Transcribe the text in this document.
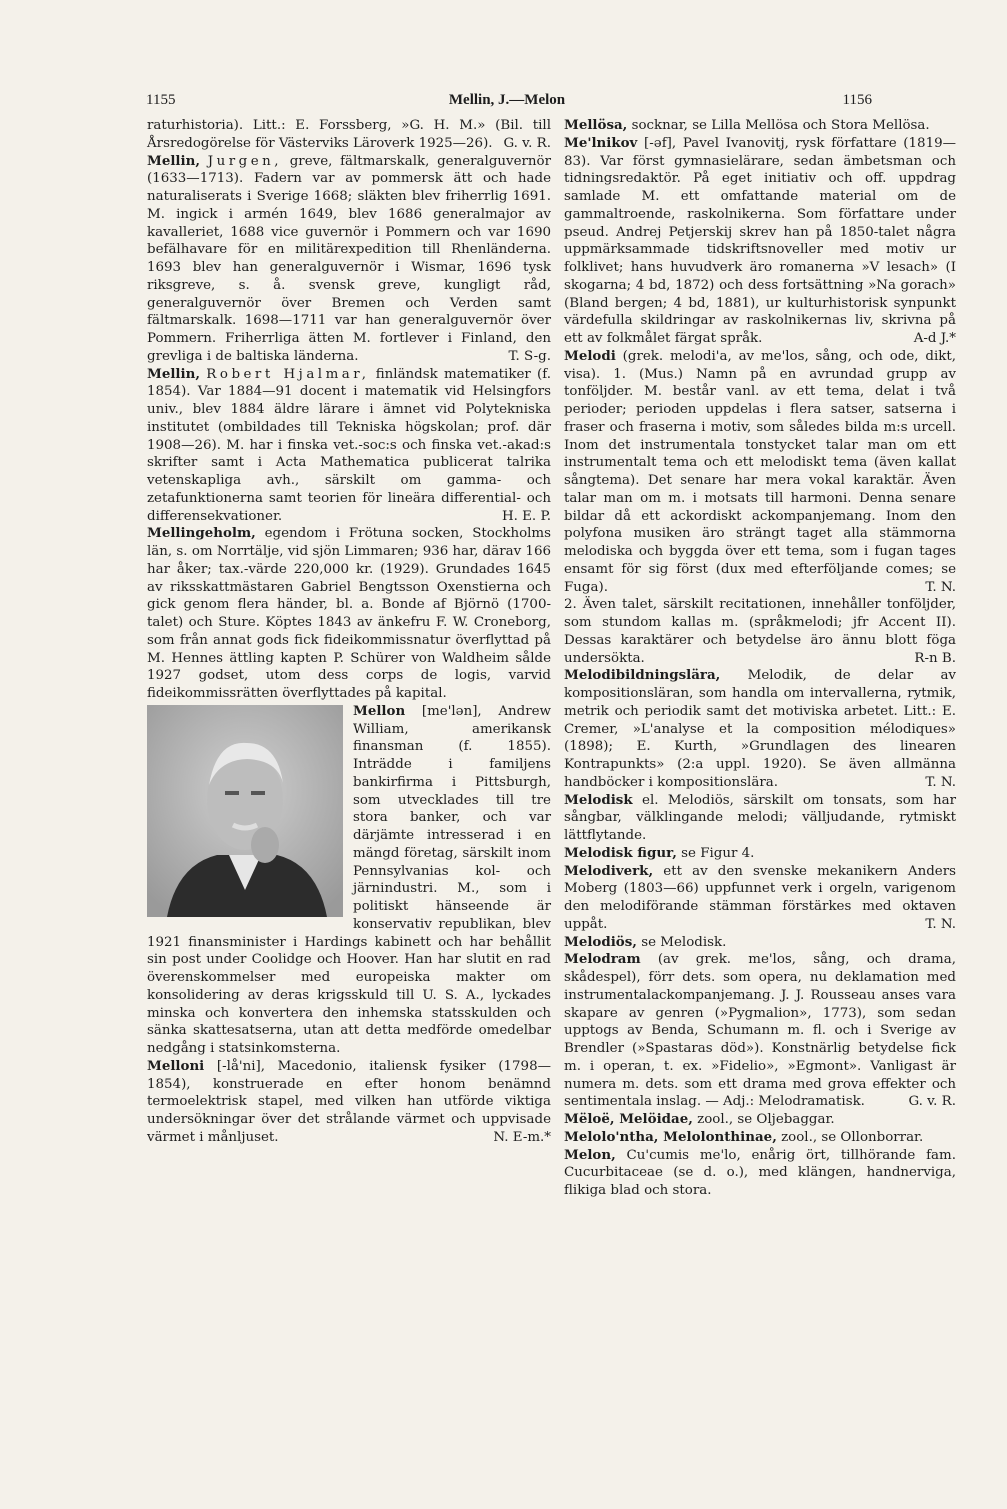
1155	Mellin, J.—Melon	1156

raturhistoria). Litt.: E. Forssberg, »G. H. M.» (Bil. till Årsredogörelse för Västerviks Läroverk 1925—26). G. v. R.

Mellin, Jurgen, greve, fältmarskalk, generalguvernör (1633—1713). Fadern var av pommersk ätt och hade naturaliserats i Sverige 1668; släkten blev friherrlig 1691. M. ingick i armén 1649, blev 1686 generalmajor av kavalleriet, 1688 vice guvernör i Pommern och var 1690 befälhavare för en militärexpedition till Rhenländerna. 1693 blev han generalguvernör i Wismar, 1696 tysk riksgreve, s. å. svensk greve, kungligt råd, generalguvernör över Bremen och Verden samt fältmarskalk. 1698—1711 var han generalguvernör över Pommern. Friherrliga ätten M. fortlever i Finland, den grevliga i de baltiska länderna.	T. S-g.

Mellin, Robert Hjalmar, finländsk matematiker (f. 1854). Var 1884—91 docent i matematik vid Helsingfors univ., blev 1884 äldre lärare i ämnet vid Polytekniska institutet (ombildades till Tekniska högskolan; prof. där 1908—26). M. har i finska vet.-soc:s och finska vet.-akad:s skrifter samt i Acta Mathematica publicerat talrika vetenskapliga avh., särskilt om gamma- och zetafunktionerna samt teorien för lineära differential- och differensekvationer.	H. E. P.

Mellingeholm, egendom i Frötuna socken, Stockholms län, s. om Norrtälje, vid sjön Limmaren; 936 har, därav 166 har åker; tax.-värde 220,000 kr. (1929). Grundades 1645 av riksskattmästaren Gabriel Bengtsson Oxenstierna och gick genom flera händer, bl. a. Bonde af Björnö (1700-talet) och Sture. Köptes 1843 av änkefru F. W. Croneborg, som från annat gods fick fideikommissnatur överflyttad på M. Hennes ättling kapten P. Schürer von Waldheim sålde 1927 godset, utom dess corps de logis, varvid fideikommissrätten överflyttades på kapital.

Mellon [me'lən], Andrew William, amerikansk finansman (f. 1855). Inträdde i familjens bankirfirma i Pittsburgh, som utvecklades till tre stora banker, och var därjämte intresserad i en mängd företag, särskilt inom Pennsylvanias kol- och järnindustri. M., som i politiskt hänseende är konservativ republikan, blev 1921 finansminister i Hardings kabinett och har behållit sin post under Coolidge och Hoover. Han har slutit en rad överenskommelser med europeiska makter om konsolidering av deras krigsskuld till U. S. A., lyckades minska och konvertera den inhemska statsskulden och sänka skattesatserna, utan att detta medförde omedelbar nedgång i statsinkomsterna.

Melloni [-lå'ni], Macedonio, italiensk fysiker (1798—1854), konstruerade en efter honom benämnd termoelektrisk stapel, med vilken han utförde viktiga undersökningar över det strålande värmet och uppvisade värmet i månljuset.	N. E-m.*

Mellösa, socknar, se Lilla Mellösa och Stora Mellösa.

Me'lnikov [-əf], Pavel Ivanovitj, rysk författare (1819—83). Var först gymnasielärare, sedan ämbetsman och tidningsredaktör. På eget initiativ och off. uppdrag samlade M. ett omfattande material om de gammaltroende, raskolnikerna. Som författare under pseud. Andrej Petjerskij skrev han på 1850-talet några uppmärksammade tidskriftsnoveller med motiv ur folklivet; hans huvudverk äro romanerna »V lesach» (I skogarna; 4 bd, 1872) och dess fortsättning »Na gorach» (Bland bergen; 4 bd, 1881), ur kulturhistorisk synpunkt värdefulla skildringar av raskolnikernas liv, skrivna på ett av folkmålet färgat språk.	A-d J.*

Melodi (grek. melodi'a, av me'los, sång, och ode, dikt, visa). 1. (Mus.) Namn på en avrundad grupp av tonföljder. M. består vanl. av ett tema, delat i två perioder; perioden uppdelas i flera satser, satserna i fraser och fraserna i motiv, som således bilda m:s urcell. Inom det instrumentala tonstycket talar man om ett instrumentalt tema och ett melodiskt tema (även kallat sångtema). Det senare har mera vokal karaktär. Även talar man om m. i motsats till harmoni. Denna senare bildar då ett ackordiskt ackompanjemang. Inom den polyfona musiken äro strängt taget alla stämmorna melodiska och byggda över ett tema, som i fugan tages ensamt för sig först (dux med efterföljande comes; se Fuga).	T. N.

2. Även talet, särskilt recitationen, innehåller tonföljder, som stundom kallas m. (språkmelodi; jfr Accent II). Dessas karaktärer och betydelse äro ännu blott föga undersökta.	R-n B.

Melodibildningslära, Melodik, de delar av kompositionsläran, som handla om intervallerna, rytmik, metrik och periodik samt det motiviska arbetet. Litt.: E. Cremer, »L'analyse et la composition mélodiques» (1898); E. Kurth, »Grundlagen des linearen Kontrapunkts» (2:a uppl. 1920). Se även allmänna handböcker i kompositionslära.	T. N.

Melodisk el. Melodiös, särskilt om tonsats, som har sångbar, välklingande melodi; välljudande, rytmiskt lättflytande.

Melodisk figur, se Figur 4.

Melodiverk, ett av den svenske mekanikern Anders Moberg (1803—66) uppfunnet verk i orgeln, varigenom den melodiförande stämman förstärkes med oktaven uppåt.	T. N.

Melodiös, se Melodisk.

Melodram (av grek. me'los, sång, och drama, skådespel), förr dets. som opera, nu deklamation med instrumentalackompanjemang. J. J. Rousseau anses vara skapare av genren (»Pygmalion», 1773), som sedan upptogs av Benda, Schumann m. fl. och i Sverige av Brendler (»Spastaras död»). Konstnärlig betydelse fick m. i operan, t. ex. »Fidelio», »Egmont». Vanligast är numera m. dets. som ett drama med grova effekter och sentimentala inslag. — Adj.: Melodramatisk.	G. v. R.

Mëloë, Melöidae, zool., se Oljebaggar.

Melolo'ntha, Melolonthinae, zool., se Ollonborrar.

Melon, Cu'cumis me'lo, enårig ört, tillhörande fam. Cucurbitaceae (se d. o.), med klängen, handnerviga, flikiga blad och stora.
